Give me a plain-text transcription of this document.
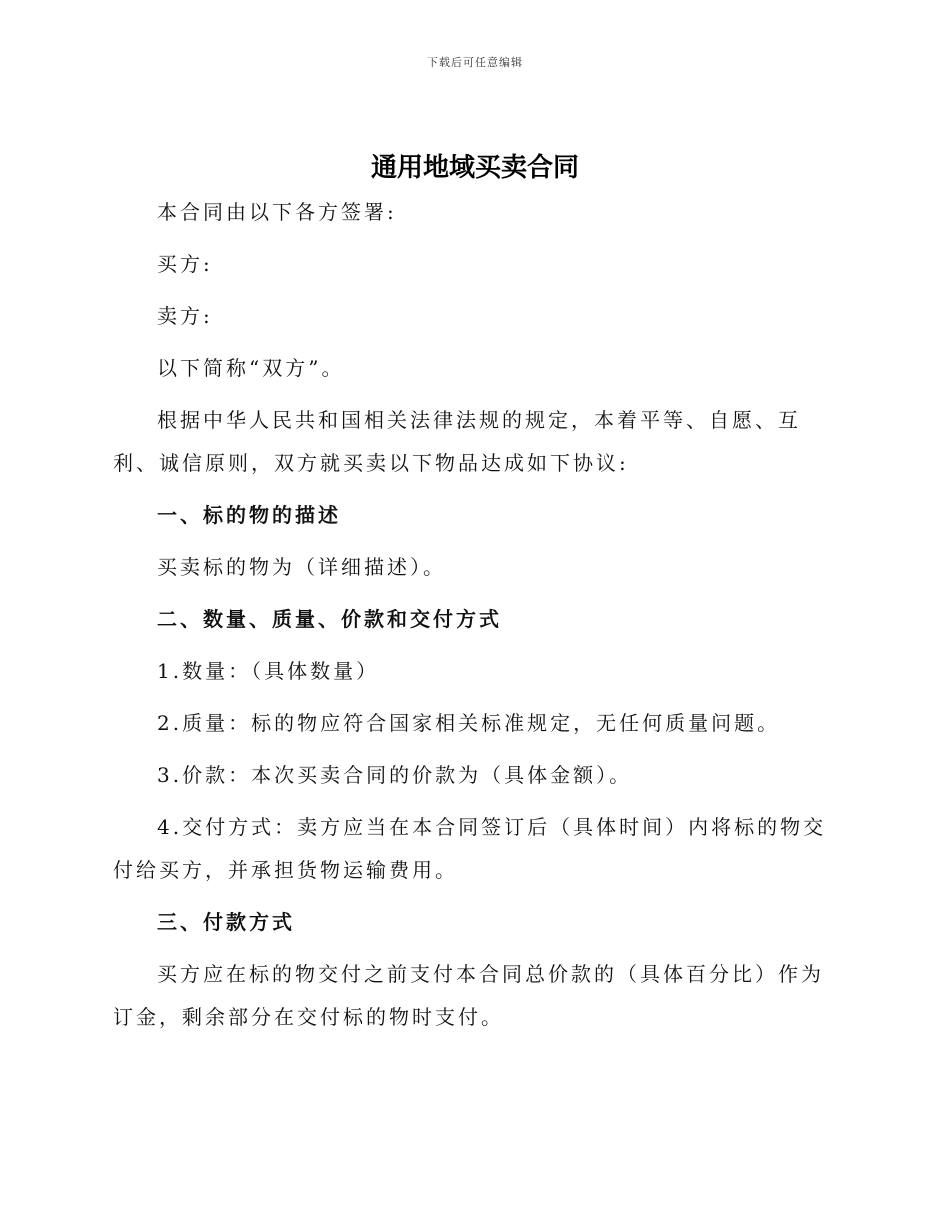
下载后可任意编辑
通用地域买卖合同

本合同由以下各方签署:

买方:

卖方:

以下简称“双方”。

根据中华人民共和国相关法律法规的规定，本着平等、自愿、互利、诚信原则，双方就买卖以下物品达成如下协议:

一、标的物的描述

买卖标的物为（详细描述）。

二、数量、质量、价款和交付方式

1.数量：（具体数量）

2.质量：标的物应符合国家相关标准规定，无任何质量问题。

3.价款：本次买卖合同的价款为（具体金额）。

4.交付方式：卖方应当在本合同签订后（具体时间）内将标的物交付给买方，并承担货物运输费用。

三、付款方式

买方应在标的物交付之前支付本合同总价款的（具体百分比）作为订金，剩余部分在交付标的物时支付。
